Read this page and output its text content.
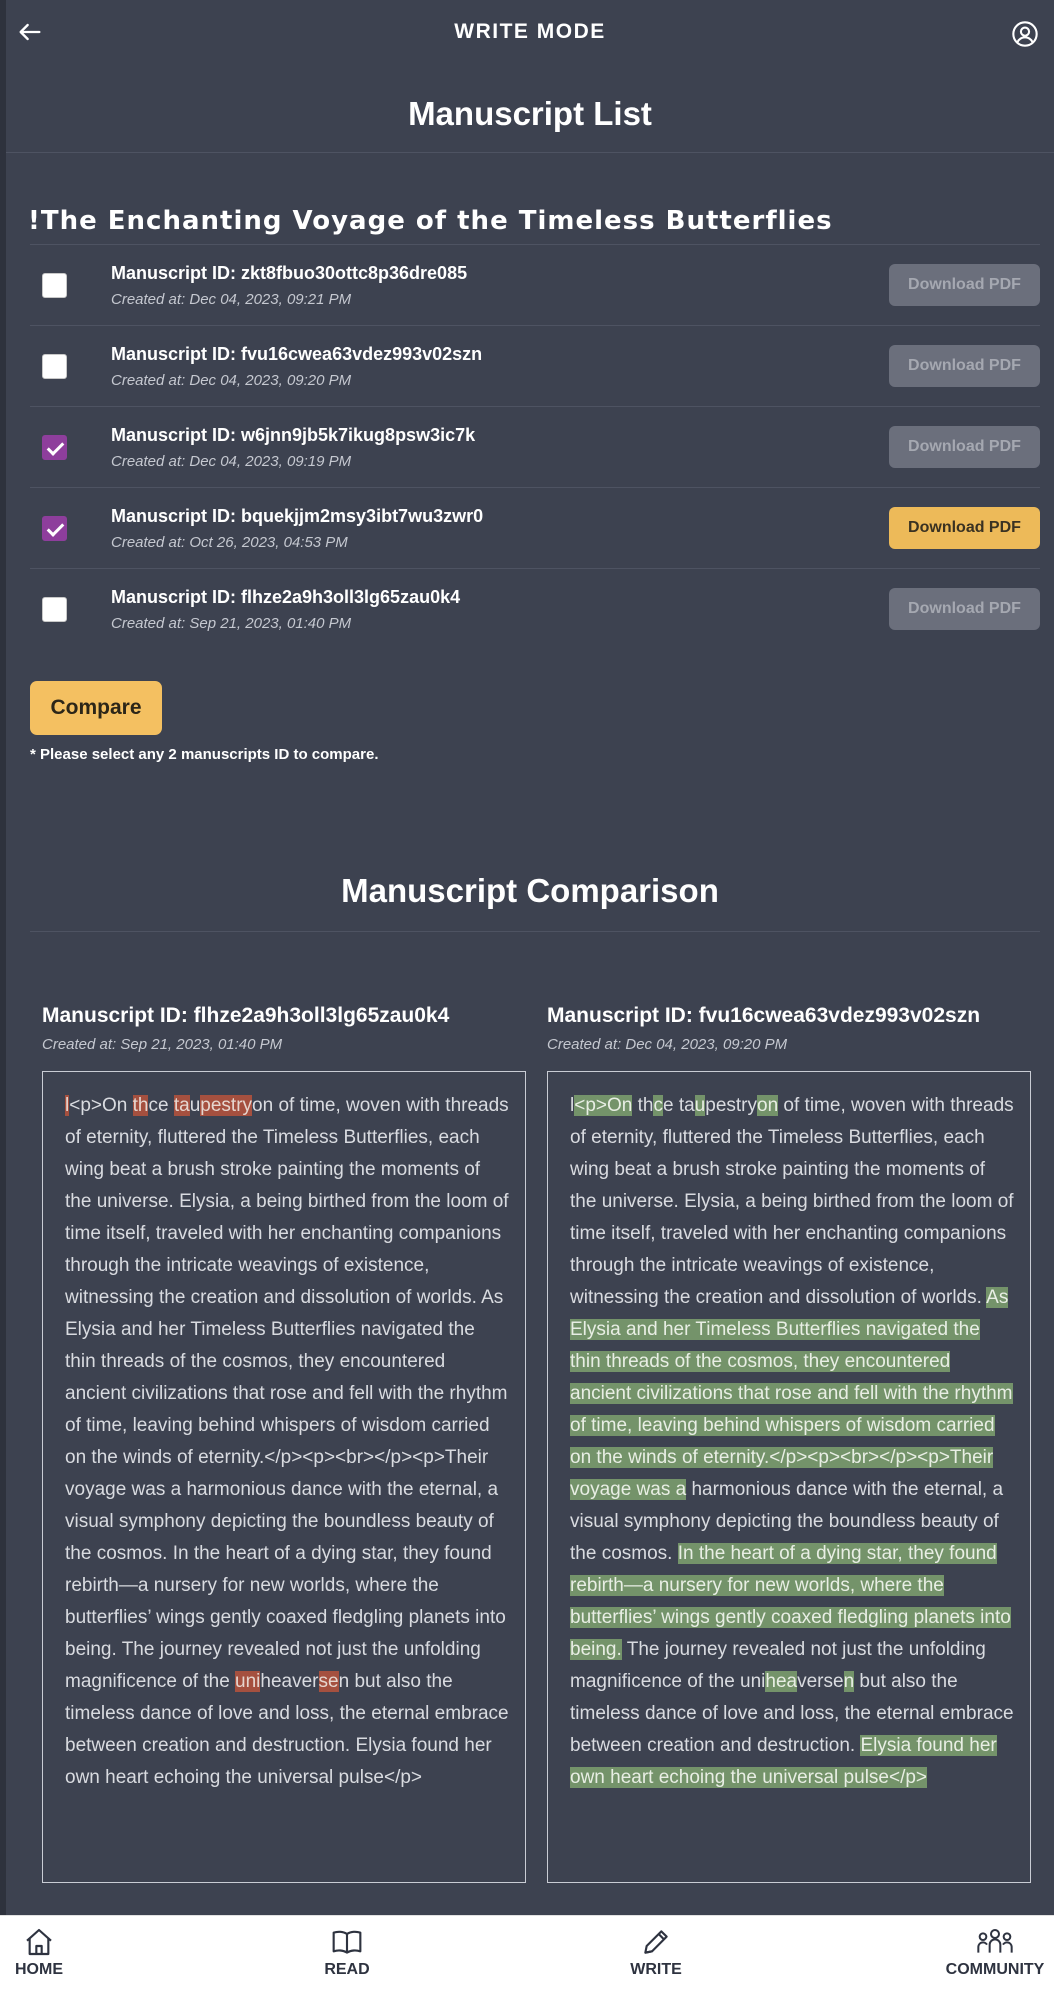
WRITE MODE
Manuscript List
!The Enchanting Voyage of the Timeless Butterflies
Manuscript ID: zkt8fbuo30ottc8p36dre085
Created at: Dec 04, 2023, 09:21 PM
Download PDF
Manuscript ID: fvu16cwea63vdez993v02szn
Created at: Dec 04, 2023, 09:20 PM
Download PDF
Manuscript ID: w6jnn9jb5k7ikug8psw3ic7k
Created at: Dec 04, 2023, 09:19 PM
Download PDF
Manuscript ID: bquekjjm2msy3ibt7wu3zwr0
Created at: Oct 26, 2023, 04:53 PM
Download PDF
Manuscript ID: flhze2a9h3oll3lg65zau0k4
Created at: Sep 21, 2023, 01:40 PM
Download PDF
Compare
* Please select any 2 manuscripts ID to compare.
Manuscript Comparison
Manuscript ID: flhze2a9h3oll3lg65zau0k4
Created at: Sep 21, 2023, 01:40 PM
Manuscript ID: fvu16cwea63vdez993v02szn
Created at: Dec 04, 2023, 09:20 PM
l<p>On thce taupestryon of time, woven with threads of eternity, fluttered the Timeless Butterflies, each wing beat a brush stroke painting the moments of the universe. Elysia, a being birthed from the loom of time itself, traveled with her enchanting companions through the intricate weavings of existence, witnessing the creation and dissolution of worlds. As Elysia and her Timeless Butterflies navigated the thin threads of the cosmos, they encountered ancient civilizations that rose and fell with the rhythm of time, leaving behind whispers of wisdom carried on the winds of eternity.</p><p><br></p><p>Their voyage was a harmonious dance with the eternal, a visual symphony depicting the boundless beauty of the cosmos. In the heart of a dying star, they found rebirth—a nursery for new worlds, where the butterflies’ wings gently coaxed fledgling planets into being. The journey revealed not just the unfolding magnificence of the uniheaversen but also the timeless dance of love and loss, the eternal embrace between creation and destruction. Elysia found her own heart echoing the universal pulse</p>
l<p>On thce taupestryon of time, woven with threads of eternity, fluttered the Timeless Butterflies, each wing beat a brush stroke painting the moments of the universe. Elysia, a being birthed from the loom of time itself, traveled with her enchanting companions through the intricate weavings of existence, witnessing the creation and dissolution of worlds. As Elysia and her Timeless Butterflies navigated the thin threads of the cosmos, they encountered ancient civilizations that rose and fell with the rhythm of time, leaving behind whispers of wisdom carried on the winds of eternity.</p><p><br></p><p>Their voyage was a harmonious dance with the eternal, a visual symphony depicting the boundless beauty of the cosmos. In the heart of a dying star, they found rebirth—a nursery for new worlds, where the butterflies’ wings gently coaxed fledgling planets into being. The journey revealed not just the unfolding magnificence of the uniheaversen but also the timeless dance of love and loss, the eternal embrace between creation and destruction. Elysia found her own heart echoing the universal pulse</p>
HOME	READ	WRITE	COMMUNITY
